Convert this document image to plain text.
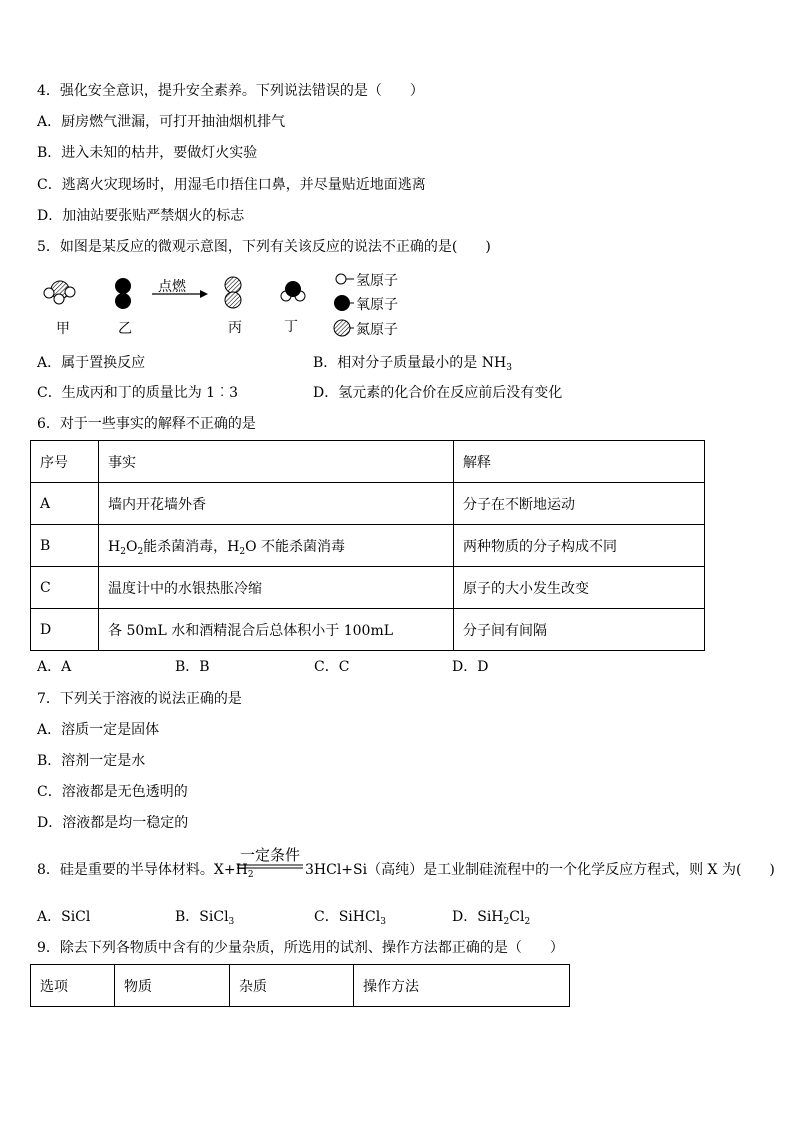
4．强化安全意识，提升安全素养。下列说法错误的是（　　）
A．厨房燃气泄漏，可打开抽油烟机排气
B．进入未知的枯井，要做灯火实验
C．逃离火灾现场时，用湿毛巾捂住口鼻，并尽量贴近地面逃离
D．加油站要张贴严禁烟火的标志
5．如图是某反应的微观示意图，下列有关该反应的说法不正确的是(　　)
甲	乙	丙	丁
点燃	氢原子
氧原子
氮原子
A．属于置换反应	B．相对分子质量最小的是 $NH_3$
C．生成丙和丁的质量比为 1︰3	D．氢元素的化合价在反应前后没有变化
6．对于一些事实的解释不正确的是
序号	事实	解释
A	墙内开花墙外香	分子在不断地运动
B	$H_2O_2$能杀菌消毒，$H_2O$ 不能杀菌消毒	两种物质的分子构成不同
C	温度计中的水银热胀冷缩	原子的大小发生改变
D	各 50mL 水和酒精混合后总体积小于 100mL	分子间有间隔
A．A	B．B	C．C	D．D
7．下列关于溶液的说法正确的是
A．溶质一定是固体
B．溶剂一定是水
C．溶液都是无色透明的
D．溶液都是均一稳定的
8．硅是重要的半导体材料。$X+H_2$
一定条件
3HCl+Si（高纯）是工业制硅流程中的一个化学反应方程式，则 X 为(　　)
A．SiCl	B．SiCl$_3$	C．SiHCl$_3$	D．$SiH_2Cl_2$
9．除去下列各物质中含有的少量杂质，所选用的试剂、操作方法都正确的是（　　）
选项	物质	杂质	操作方法
